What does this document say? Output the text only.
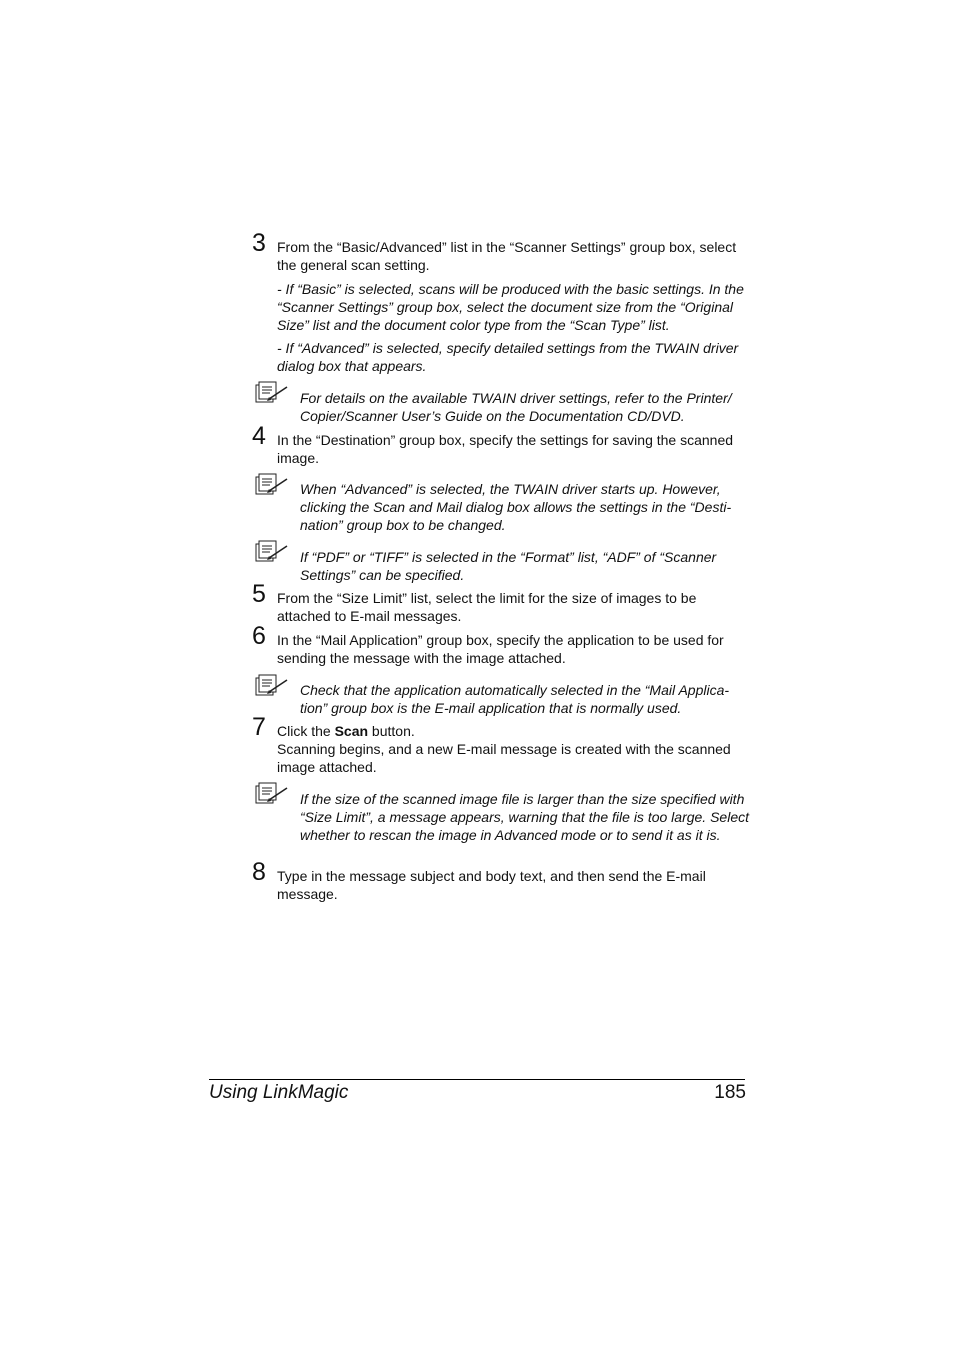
3 From the “Basic/Advanced” list in the “Scanner Settings” group box, select the general scan setting.
- If “Basic” is selected, scans will be produced with the basic settings. In the “Scanner Settings” group box, select the document size from the “Original Size” list and the document color type from the “Scan Type” list.
- If “Advanced” is selected, specify detailed settings from the TWAIN driver dialog box that appears.
For details on the available TWAIN driver settings, refer to the Printer/ Copier/Scanner User’s Guide on the Documentation CD/DVD.
4 In the “Destination” group box, specify the settings for saving the scanned image.
When “Advanced” is selected, the TWAIN driver starts up. However, clicking the Scan and Mail dialog box allows the settings in the “Desti-nation” group box to be changed.
If “PDF” or “TIFF” is selected in the “Format” list, “ADF” of “Scanner Settings” can be specified.
5 From the “Size Limit” list, select the limit for the size of images to be attached to E-mail messages.
6 In the “Mail Application” group box, specify the application to be used for sending the message with the image attached.
Check that the application automatically selected in the “Mail Applica-tion” group box is the E-mail application that is normally used.
7 Click the Scan button.
Scanning begins, and a new E-mail message is created with the scanned image attached.
If the size of the scanned image file is larger than the size specified with “Size Limit”, a message appears, warning that the file is too large. Select whether to rescan the image in Advanced mode or to send it as it is.
8 Type in the message subject and body text, and then send the E-mail message.
Using LinkMagic	185
